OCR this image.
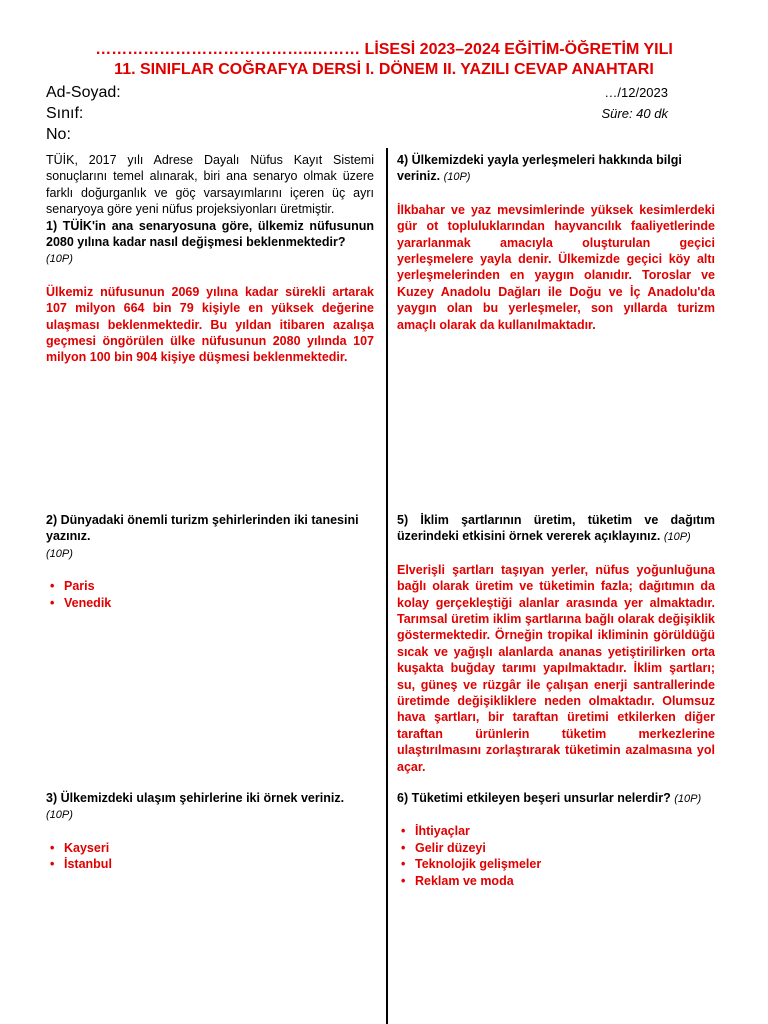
…………………………………..……… LİSESİ 2023–2024 EĞİTİM-ÖĞRETİM YILI
11. SINIFLAR COĞRAFYA DERSİ I. DÖNEM II. YAZILI CEVAP ANAHTARI
Ad-Soyad:
Sınıf:
No:
…/12/2023
Süre: 40 dk

TÜİK, 2017 yılı Adrese Dayalı Nüfus Kayıt Sistemi sonuçlarını temel alınarak, biri ana senaryo olmak üzere farklı doğurganlık ve göç varsayımlarını içeren üç ayrı senaryoya göre yeni nüfus projeksiyonları üretmiştir.

1) TÜİK'in ana senaryosuna göre, ülkemiz nüfusunun 2080 yılına kadar nasıl değişmesi beklenmektedir?

(10P)

Ülkemiz nüfusunun 2069 yılına kadar sürekli artarak 107 milyon 664 bin 79 kişiyle en yüksek değerine ulaşması beklenmektedir. Bu yıldan itibaren azalışa geçmesi öngörülen ülke nüfusunun 2080 yılında 107 milyon 100 bin 904 kişiye düşmesi beklenmektedir.

2) Dünyadaki önemli turizm şehirlerinden iki tanesini yazınız.

(10P)

• Paris
• Venedik

3) Ülkemizdeki ulaşım şehirlerine iki örnek veriniz.

(10P)

• Kayseri
• İstanbul

4) Ülkemizdeki yayla yerleşmeleri hakkında bilgi veriniz. (10P)

İlkbahar ve yaz mevsimlerinde yüksek kesimlerdeki gür ot topluluklarından hayvancılık faaliyetlerinde yararlanmak amacıyla oluşturulan geçici yerleşmelere yayla denir. Ülkemizde geçici köy altı yerleşmelerinden en yaygın olanıdır. Toroslar ve Kuzey Anadolu Dağları ile Doğu ve İç Anadolu'da yaygın olan bu yerleşmeler, son yıllarda turizm amaçlı olarak da kullanılmaktadır.

5) İklim şartlarının üretim, tüketim ve dağıtım üzerindeki etkisini örnek vererek açıklayınız. (10P)

Elverişli şartları taşıyan yerler, nüfus yoğunluğuna bağlı olarak üretim ve tüketimin fazla; dağıtımın da kolay gerçekleştiği alanlar arasında yer almaktadır. Tarımsal üretim iklim şartlarına bağlı olarak değişiklik göstermektedir. Örneğin tropikal ikliminin görüldüğü sıcak ve yağışlı alanlarda ananas yetiştirilirken orta kuşakta buğday tarımı yapılmaktadır. İklim şartları; su, güneş ve rüzgâr ile çalışan enerji santrallerinde üretimde değişikliklere neden olmaktadır. Olumsuz hava şartları, bir taraftan üretimi etkilerken diğer taraftan ürünlerin tüketim merkezlerine ulaştırılmasını zorlaştırarak tüketimin azalmasına yol açar.

6) Tüketimi etkileyen beşeri unsurlar nelerdir? (10P)

• İhtiyaçlar
• Gelir düzeyi
• Teknolojik gelişmeler
• Reklam ve moda
